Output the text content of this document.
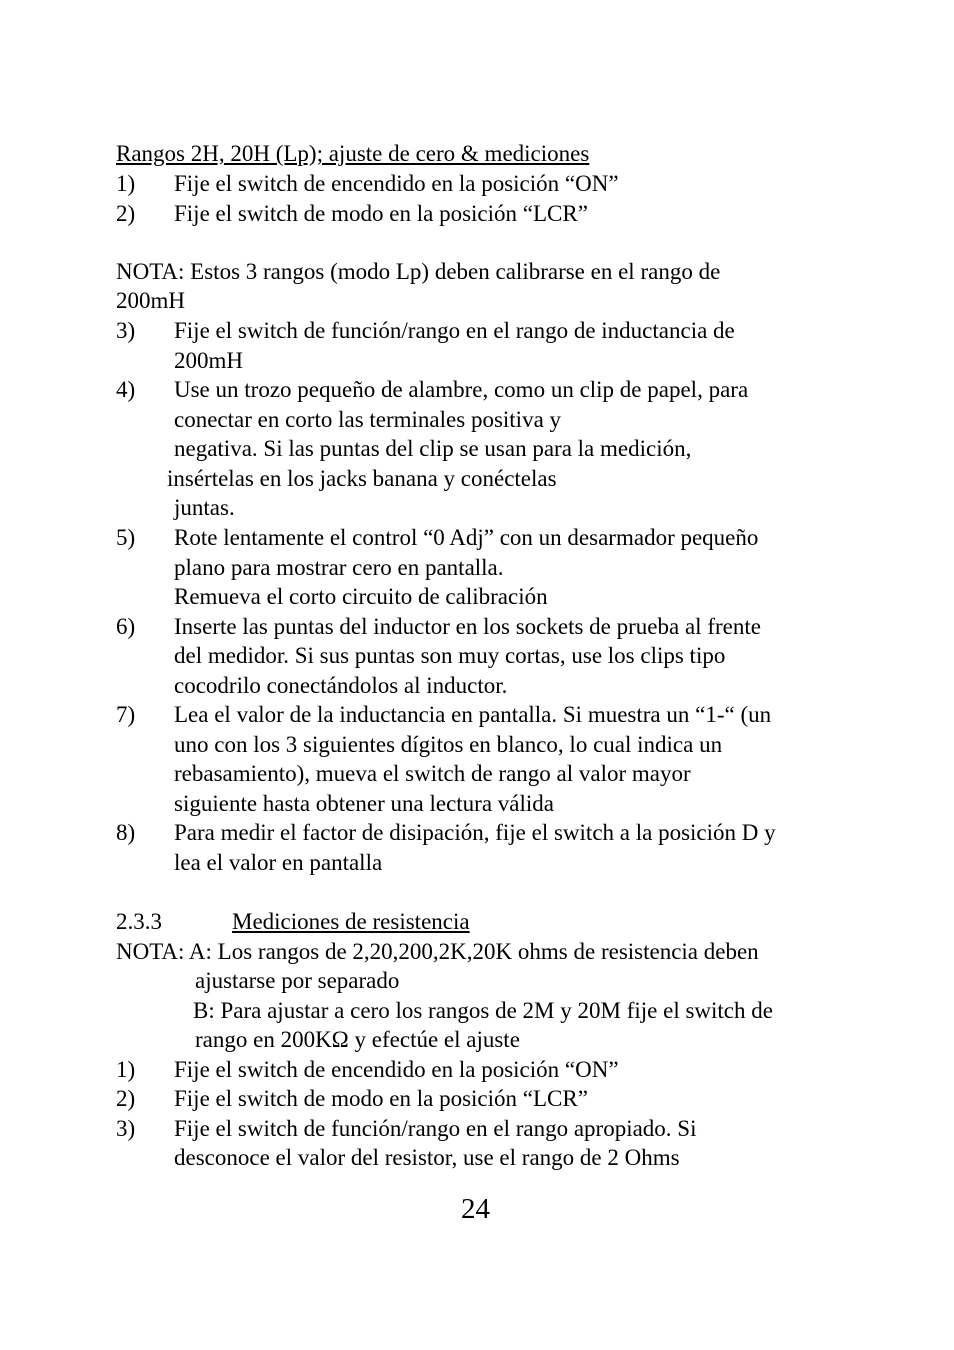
Rangos 2H, 20H (Lp); ajuste de cero & mediciones
1) Fije el switch de encendido en la posición “ON”
2) Fije el switch de modo en la posición “LCR”
NOTA: Estos 3 rangos (modo Lp) deben calibrarse en el rango de
200mH
3) Fije el switch de función/rango en el rango de inductancia de
200mH
4) Use un trozo pequeño de alambre, como un clip de papel, para
conectar en corto las terminales positiva y
negativa. Si las puntas del clip se usan para la medición,
insértelas en los jacks banana y conéctelas
juntas.
5) Rote lentamente el control “0 Adj” con un desarmador pequeño
plano para mostrar cero en pantalla.
Remueva el corto circuito de calibración
6) Inserte las puntas del inductor en los sockets de prueba al frente
del medidor. Si sus puntas son muy cortas, use los clips tipo
cocodrilo conectándolos al inductor.
7) Lea el valor de la inductancia en pantalla. Si muestra un “1-“ (un
uno con los 3 siguientes dígitos en blanco, lo cual indica un
rebasamiento), mueva el switch de rango al valor mayor
siguiente hasta obtener una lectura válida
8) Para medir el factor de disipación, fije el switch a la posición D y
lea el valor en pantalla
2.3.3	Mediciones de resistencia
NOTA: A: Los rangos de 2,20,200,2K,20K ohms de resistencia deben
ajustarse por separado
B: Para ajustar a cero los rangos de 2M y 20M fije el switch de
rango en 200KΩ y efectúe el ajuste
1) Fije el switch de encendido en la posición “ON”
2) Fije el switch de modo en la posición “LCR”
3) Fije el switch de función/rango en el rango apropiado. Si
desconoce el valor del resistor, use el rango de 2 Ohms
24
